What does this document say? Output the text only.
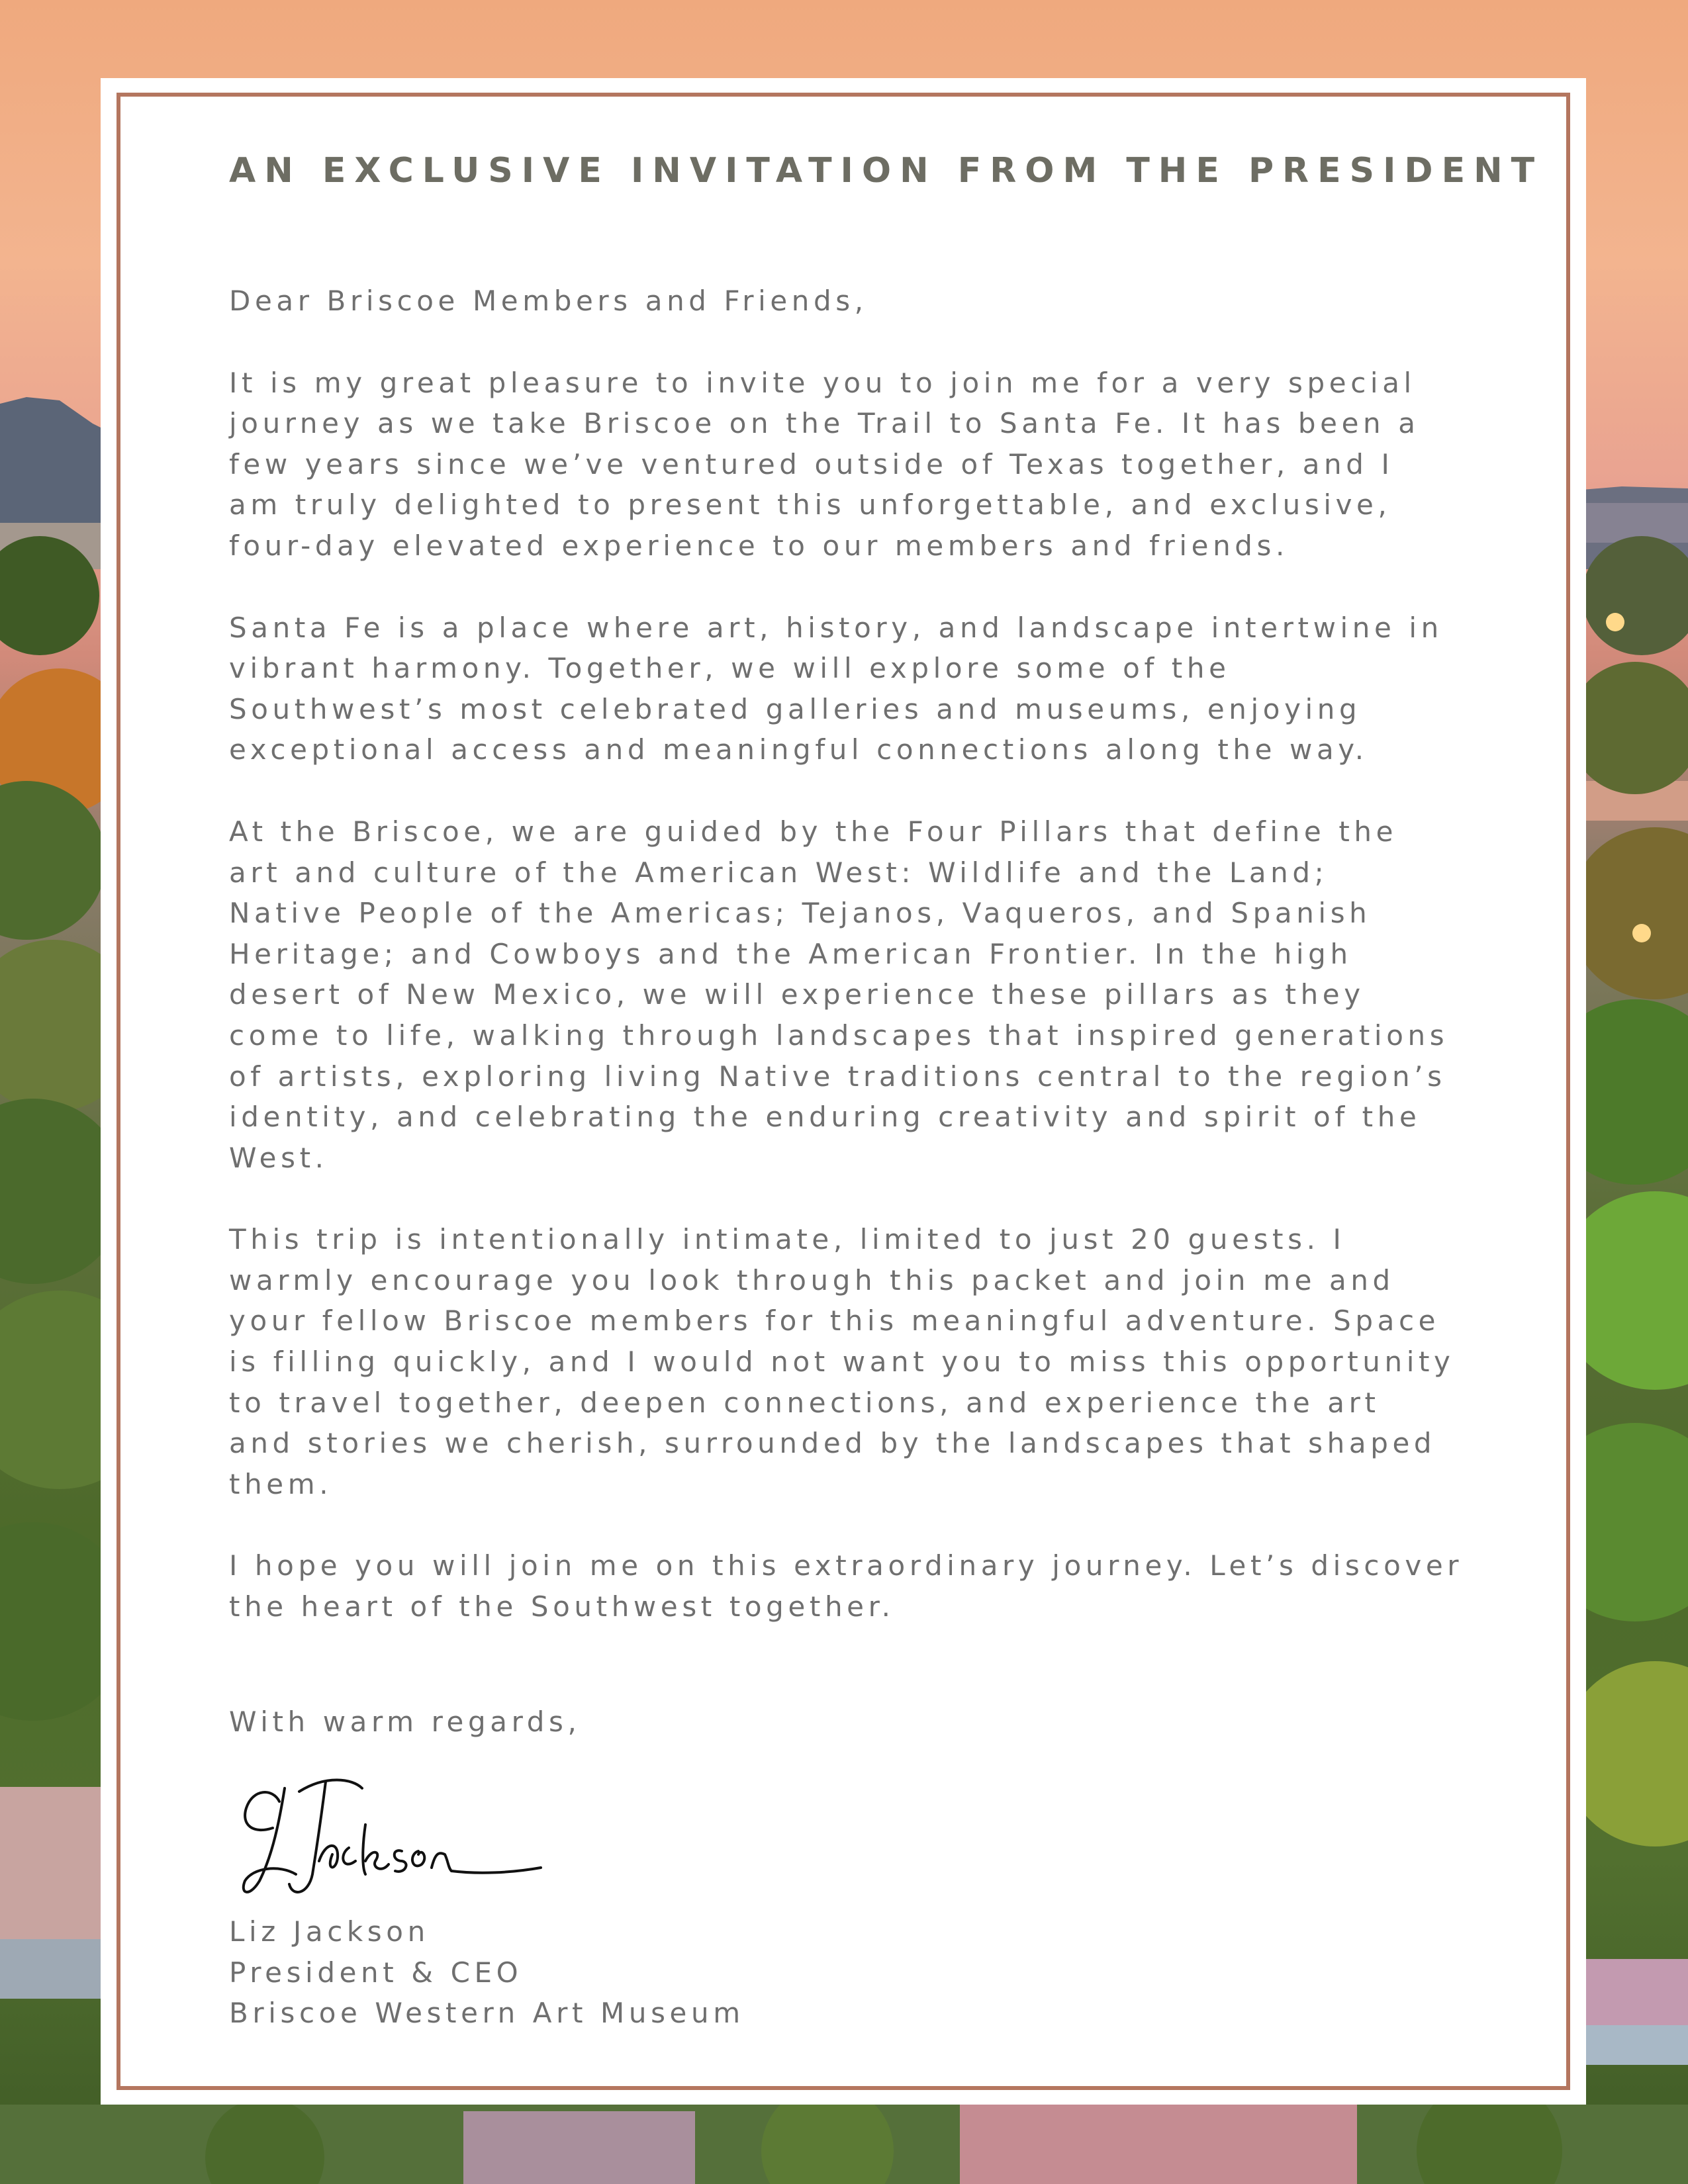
AN EXCLUSIVE INVITATION FROM THE PRESIDENT

Dear Briscoe Members and Friends,

It is my great pleasure to invite you to join me for a very special
journey as we take Briscoe on the Trail to Santa Fe. It has been a
few years since we’ve ventured outside of Texas together, and I
am truly delighted to present this unforgettable, and exclusive,
four-day elevated experience to our members and friends.

Santa Fe is a place where art, history, and landscape intertwine in
vibrant harmony. Together, we will explore some of the
Southwest’s most celebrated galleries and museums, enjoying
exceptional access and meaningful connections along the way.

At the Briscoe, we are guided by the Four Pillars that define the
art and culture of the American West: Wildlife and the Land;
Native People of the Americas; Tejanos, Vaqueros, and Spanish
Heritage; and Cowboys and the American Frontier. In the high
desert of New Mexico, we will experience these pillars as they
come to life, walking through landscapes that inspired generations
of artists, exploring living Native traditions central to the region’s
identity, and celebrating the enduring creativity and spirit of the
West.

This trip is intentionally intimate, limited to just 20 guests. I
warmly encourage you look through this packet and join me and
your fellow Briscoe members for this meaningful adventure. Space
is filling quickly, and I would not want you to miss this opportunity
to travel together, deepen connections, and experience the art
and stories we cherish, surrounded by the landscapes that shaped
them.

I hope you will join me on this extraordinary journey. Let’s discover
the heart of the Southwest together.

With warm regards,

Liz Jackson
President & CEO
Briscoe Western Art Museum
